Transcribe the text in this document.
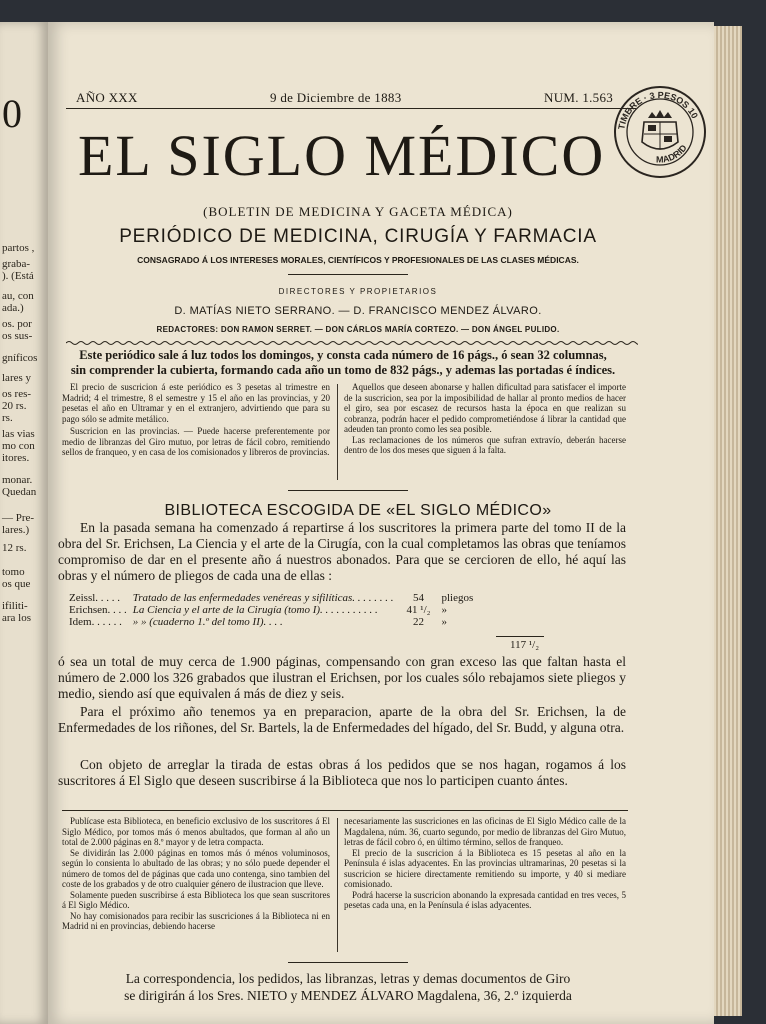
0
partos ,
graba-
). (Está
au, con
ada.)
os. por
os sus-
gníficos
lares y
os res-
20 rs.
rs.
las vias
mo con
itores.
monar.
Quedan
— Pre-
lares.)
12 rs.
tomo
os que
ifiliti-
ara los
AÑO XXX	9 de Diciembre de 1883	NUM. 1.563
EL SIGLO MÉDICO
(BOLETIN DE MEDICINA Y GACETA MÉDICA)
PERIÓDICO DE MEDICINA, CIRUGÍA Y FARMACIA
CONSAGRADO Á LOS INTERESES MORALES, CIENTÍFICOS Y PROFESIONALES DE LAS CLASES MÉDICAS.
DIRECTORES Y PROPIETARIOS
D. MATÍAS NIETO SERRANO. — D. FRANCISCO MENDEZ ÁLVARO.
REDACTORES: DON RAMON SERRET. — DON CÁRLOS MARÍA CORTEZO. — DON ÁNGEL PULIDO.
TIMBRE · 3 PESOS 10
MADRID
Este periódico sale á luz todos los domingos, y consta cada número de 16 págs., ó sean 32 columnas,
sin comprender la cubierta, formando cada año un tomo de 832 págs., y ademas las portadas é índices.
El precio de suscricion á este periódico es 3 pesetas al trimestre en Madrid; 4 el trimestre, 8 el semestre y 15 el año en las provincias, y 20 pesetas el año en Ultramar y en el extranjero, advirtiendo que para su pago sólo se admite metálico.
Suscricion en las provincias. — Puede hacerse preferentemente por medio de libranzas del Giro mutuo, por letras de fácil cobro, remitiendo sellos de franqueo, y en casa de los comisionados y libreros de provincias.
Aquellos que deseen abonarse y hallen dificultad para satisfacer el importe de la suscricion, sea por la imposibilidad de hallar al pronto medios de hacer el giro, sea por escasez de recursos hasta la época en que realizan su cobranza, podrán hacer el pedido comprometiéndose á librar la cantidad que adeuden tan pronto como les sea posible.
Las reclamaciones de los números que sufran extravío, deberán hacerse dentro de los dos meses que siguen á la falta.
BIBLIOTECA ESCOGIDA DE «EL SIGLO MÉDICO»
En la pasada semana ha comenzado á repartirse á los suscritores la primera parte del tomo II de la obra del Sr. Erichsen, La Ciencia y el arte de la Cirugía, con la cual completamos las obras que teníamos compromiso de dar en el presente año á nuestros abonados. Para que se cercioren de ello, hé aquí las obras y el número de pliegos de cada una de ellas :
Zeissl. . . . .	Tratado de las enfermedades venéreas y sifilíticas. . . . . . . .	54	pliegos
Erichsen. . . .	La Ciencia y el arte de la Cirugía (tomo I). . . . . . . . . . .	41 ¹/₂	»
Idem. . . . . .	» » (cuaderno 1.º del tomo II). . . .	22	»
117 ¹/₂
ó sea un total de muy cerca de 1.900 páginas, compensando con gran exceso las que faltan hasta el número de 2.000 los 326 grabados que ilustran el Erichsen, por los cuales sólo rebajamos siete pliegos y medio, siendo así que equivalen á más de diez y seis.
Para el próximo año tenemos ya en preparacion, aparte de la obra del Sr. Erichsen, la de Enfermedades de los riñones, del Sr. Bartels, la de Enfermedades del hígado, del Sr. Budd, y alguna otra.
Con objeto de arreglar la tirada de estas obras á los pedidos que se nos hagan, rogamos á los suscritores á El Siglo que deseen suscribirse á la Biblioteca que nos lo participen cuanto ántes.
Publícase esta Biblioteca, en beneficio exclusivo de los suscritores á El Siglo Médico, por tomos más ó menos abultados, que forman al año un total de 2.000 páginas en 8.º mayor y de letra compacta.
Se dividirán las 2.000 páginas en tomos más ó ménos voluminosos, según lo consienta lo abultado de las obras; y no sólo puede depender el número de tomos del de páginas que cada uno contenga, sino tambien del coste de los grabados y de otro cualquier género de ilustracion que lleve.
Solamente pueden suscribirse á esta Biblioteca los que sean suscritores á El Siglo Médico.
No hay comisionados para recibir las suscriciones á la Biblioteca ni en Madrid ni en provincias, debiendo hacerse
necesariamente las suscriciones en las oficinas de El Siglo Médico calle de la Magdalena, núm. 36, cuarto segundo, por medio de libranzas del Giro Mutuo, letras de fácil cobro ó, en último término, sellos de franqueo.
El precio de la suscricion á la Biblioteca es 15 pesetas al año en la Península é islas adyacentes. En las provincias ultramarinas, 20 pesetas si la suscricion se hiciere directamente remitiendo su importe, y 40 si mediare comisionado.
Podrá hacerse la suscricion abonando la expresada cantidad en tres veces, 5 pesetas cada una, en la Península é islas adyacentes.
La correspondencia, los pedidos, las libranzas, letras y demas documentos de Giro
se dirigirán á los Sres. NIETO y MENDEZ ÁLVARO Magdalena, 36, 2.º izquierda
